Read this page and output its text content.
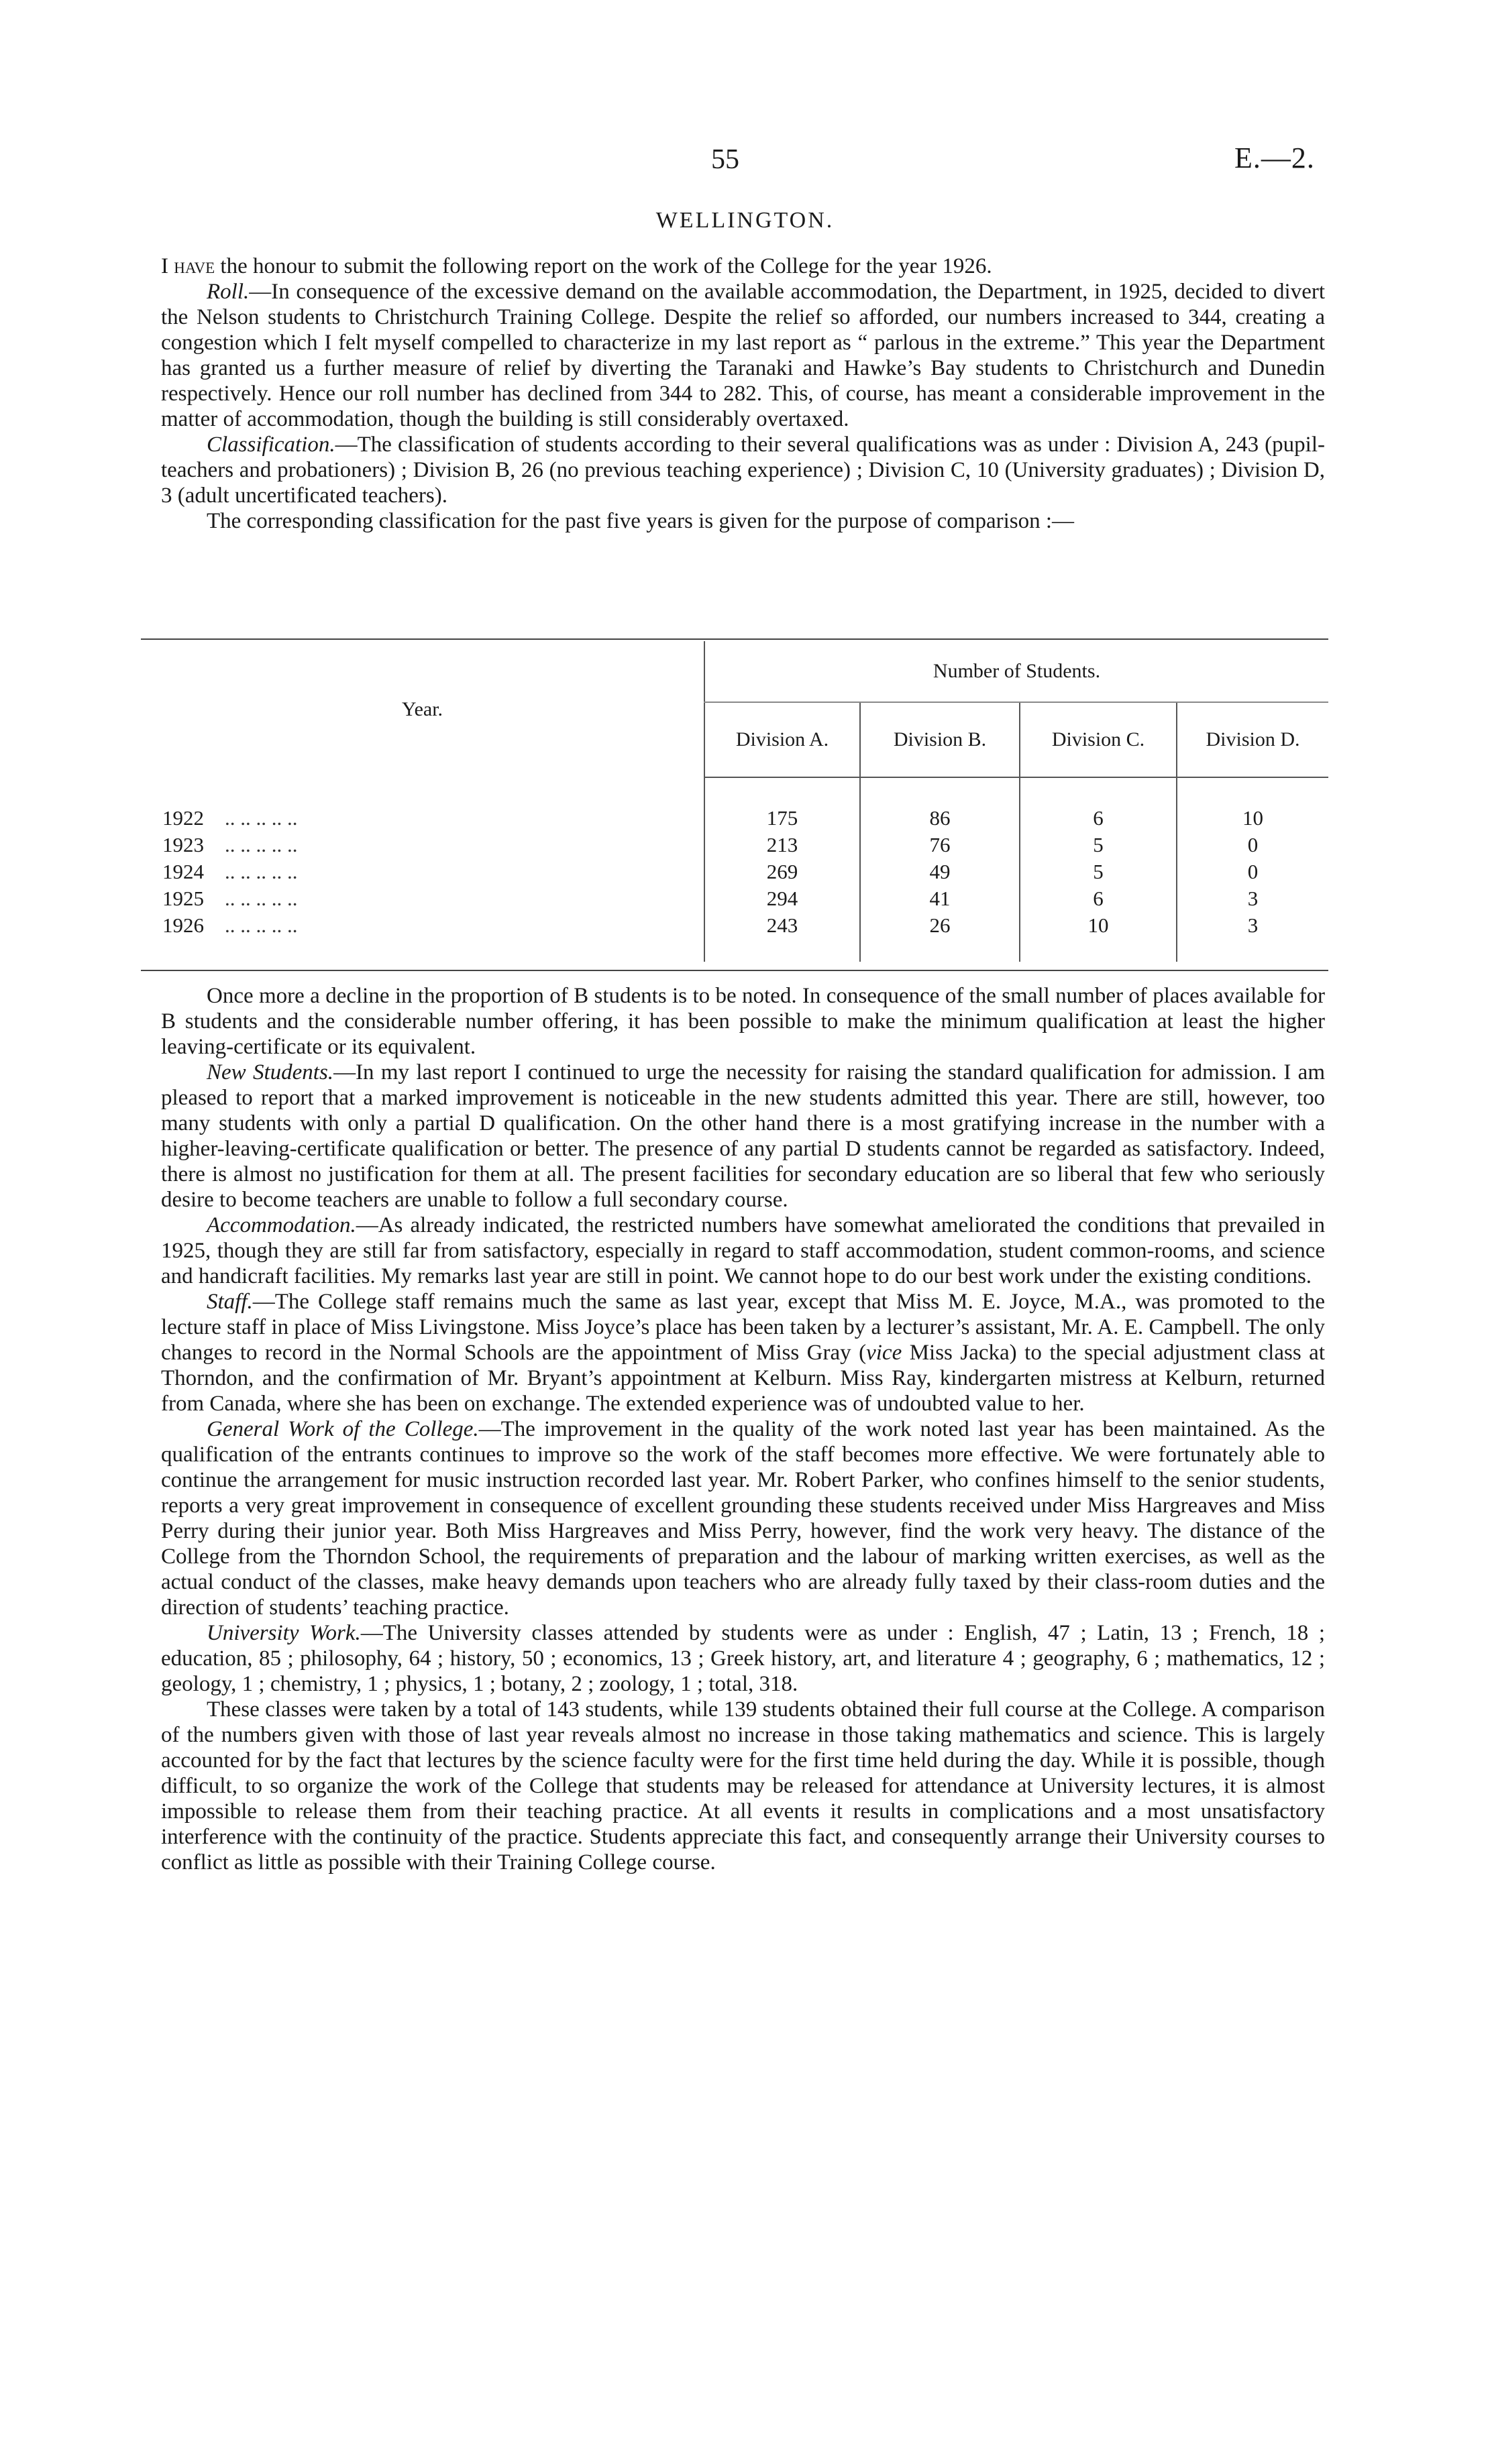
55	E.—2.
WELLINGTON.

I have the honour to submit the following report on the work of the College for the year 1926.

Roll.—In consequence of the excessive demand on the available accommodation, the Department, in 1925, decided to divert the Nelson students to Christchurch Training College. Despite the relief so afforded, our numbers increased to 344, creating a congestion which I felt myself compelled to characterize in my last report as “ parlous in the extreme.” This year the Department has granted us a further measure of relief by diverting the Taranaki and Hawke’s Bay students to Christchurch and Dunedin respectively. Hence our roll number has declined from 344 to 282. This, of course, has meant a considerable improvement in the matter of accommodation, though the building is still considerably overtaxed.

Classification.—The classification of students according to their several qualifications was as under : Division A, 243 (pupil-teachers and probationers) ; Division B, 26 (no previous teaching experience) ; Division C, 10 (University graduates) ; Division D, 3 (adult uncertificated teachers).

The corresponding classification for the past five years is given for the purpose of comparison :—

Year.	Number of Students.			
	Division A.	Division B.	Division C.	Division D.

1922 .. .. .. .. ..	175	86	6	10
1923 .. .. .. .. ..	213	76	5	0
1924 .. .. .. .. ..	269	49	5	0
1925 .. .. .. .. ..	294	41	6	3
1926 .. .. .. .. ..	243	26	10	3

Once more a decline in the proportion of B students is to be noted. In consequence of the small number of places available for B students and the considerable number offering, it has been possible to make the minimum qualification at least the higher leaving-certificate or its equivalent.

New Students.—In my last report I continued to urge the necessity for raising the standard qualification for admission. I am pleased to report that a marked improvement is noticeable in the new students admitted this year. There are still, however, too many students with only a partial D qualification. On the other hand there is a most gratifying increase in the number with a higher-leaving-certificate qualification or better. The presence of any partial D students cannot be regarded as satisfactory. Indeed, there is almost no justification for them at all. The present facilities for secondary education are so liberal that few who seriously desire to become teachers are unable to follow a full secondary course.

Accommodation.—As already indicated, the restricted numbers have somewhat ameliorated the conditions that prevailed in 1925, though they are still far from satisfactory, especially in regard to staff accommodation, student common-rooms, and science and handicraft facilities. My remarks last year are still in point. We cannot hope to do our best work under the existing conditions.

Staff.—The College staff remains much the same as last year, except that Miss M. E. Joyce, M.A., was promoted to the lecture staff in place of Miss Livingstone. Miss Joyce’s place has been taken by a lecturer’s assistant, Mr. A. E. Campbell. The only changes to record in the Normal Schools are the appointment of Miss Gray (vice Miss Jacka) to the special adjustment class at Thorndon, and the confirmation of Mr. Bryant’s appointment at Kelburn. Miss Ray, kindergarten mistress at Kelburn, returned from Canada, where she has been on exchange. The extended experience was of undoubted value to her.

General Work of the College.—The improvement in the quality of the work noted last year has been maintained. As the qualification of the entrants continues to improve so the work of the staff becomes more effective. We were fortunately able to continue the arrangement for music instruction recorded last year. Mr. Robert Parker, who confines himself to the senior students, reports a very great improvement in consequence of excellent grounding these students received under Miss Hargreaves and Miss Perry during their junior year. Both Miss Hargreaves and Miss Perry, however, find the work very heavy. The distance of the College from the Thorndon School, the requirements of preparation and the labour of marking written exercises, as well as the actual conduct of the classes, make heavy demands upon teachers who are already fully taxed by their class-room duties and the direction of students’ teaching practice.

University Work.—The University classes attended by students were as under : English, 47 ; Latin, 13 ; French, 18 ; education, 85 ; philosophy, 64 ; history, 50 ; economics, 13 ; Greek history, art, and literature 4 ; geography, 6 ; mathematics, 12 ; geology, 1 ; chemistry, 1 ; physics, 1 ; botany, 2 ; zoology, 1 ; total, 318.

These classes were taken by a total of 143 students, while 139 students obtained their full course at the College. A comparison of the numbers given with those of last year reveals almost no increase in those taking mathematics and science. This is largely accounted for by the fact that lectures by the science faculty were for the first time held during the day. While it is possible, though difficult, to so organize the work of the College that students may be released for attendance at University lectures, it is almost impossible to release them from their teaching practice. At all events it results in complications and a most unsatisfactory interference with the continuity of the practice. Students appreciate this fact, and consequently arrange their University courses to conflict as little as possible with their Training College course.
